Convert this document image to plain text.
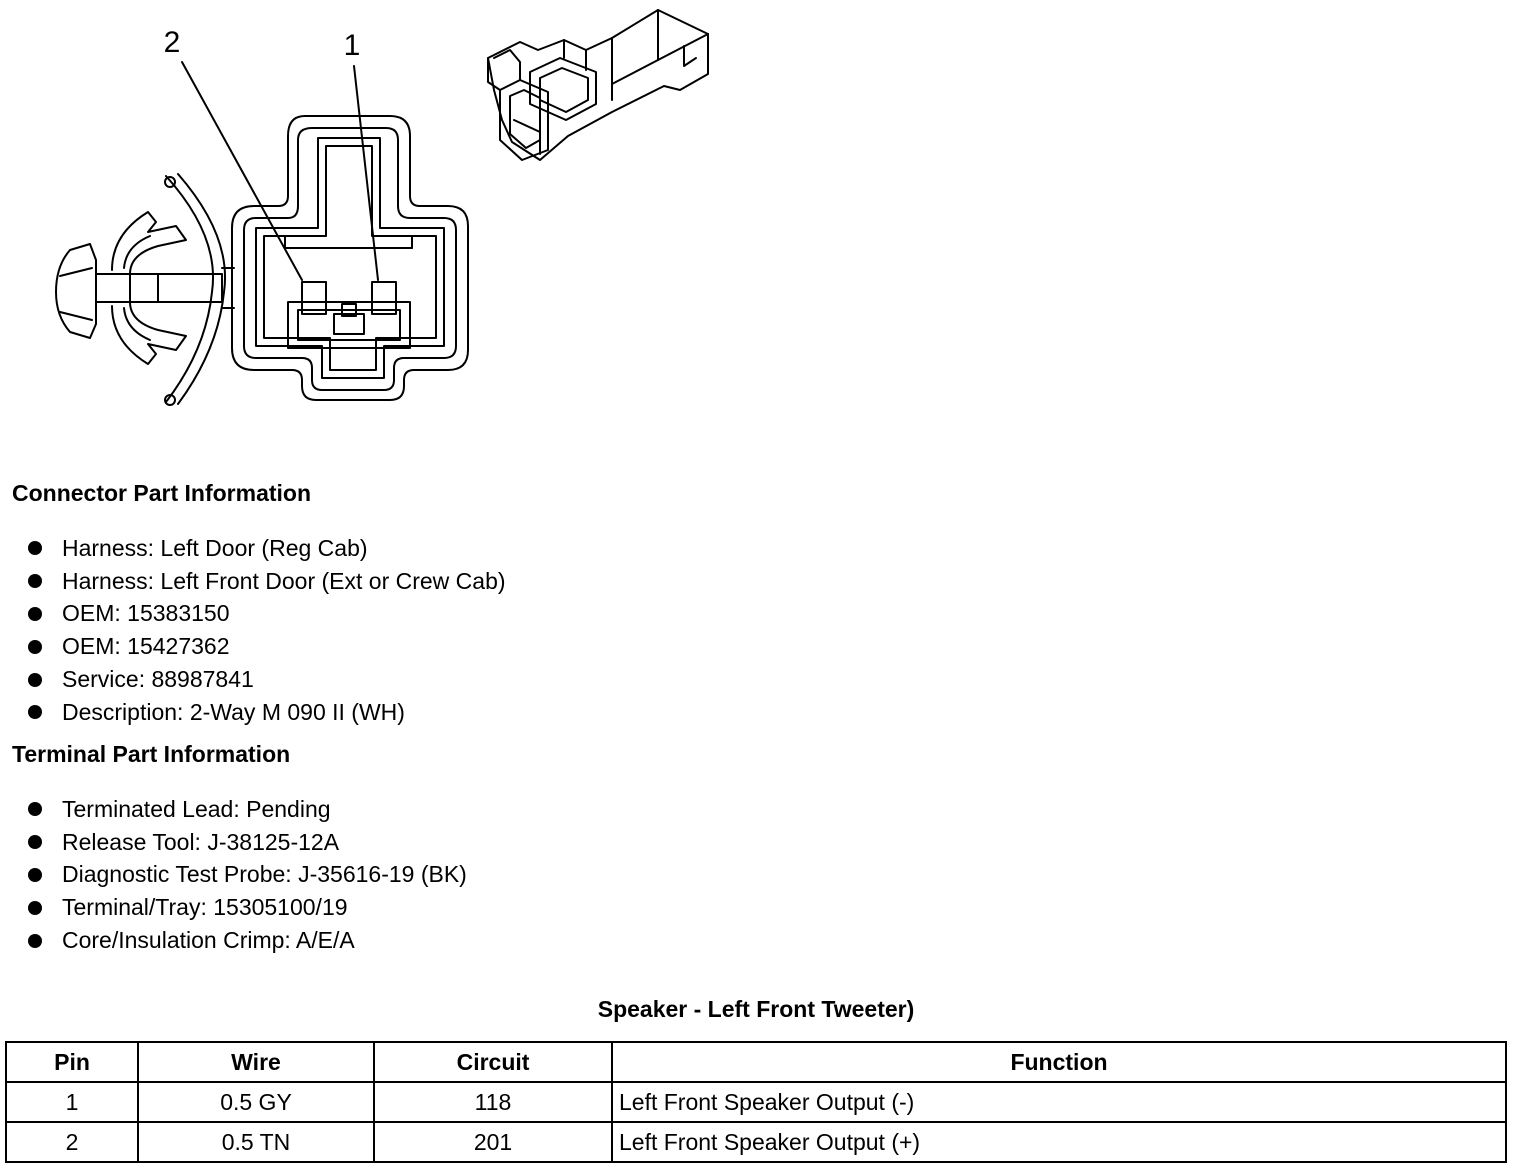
2	1
Connector Part Information
Harness: Left Door (Reg Cab)
Harness: Left Front Door (Ext or Crew Cab)
OEM: 15383150
OEM: 15427362
Service: 88987841
Description: 2-Way M 090 II (WH)
Terminal Part Information
Terminated Lead: Pending
Release Tool: J-38125-12A
Diagnostic Test Probe: J-35616-19 (BK)
Terminal/Tray: 15305100/19
Core/Insulation Crimp: A/E/A
Speaker - Left Front Tweeter)
Pin	Wire	Circuit	Function
1	0.5 GY	118	Left Front Speaker Output (-)
2	0.5 TN	201	Left Front Speaker Output (+)
